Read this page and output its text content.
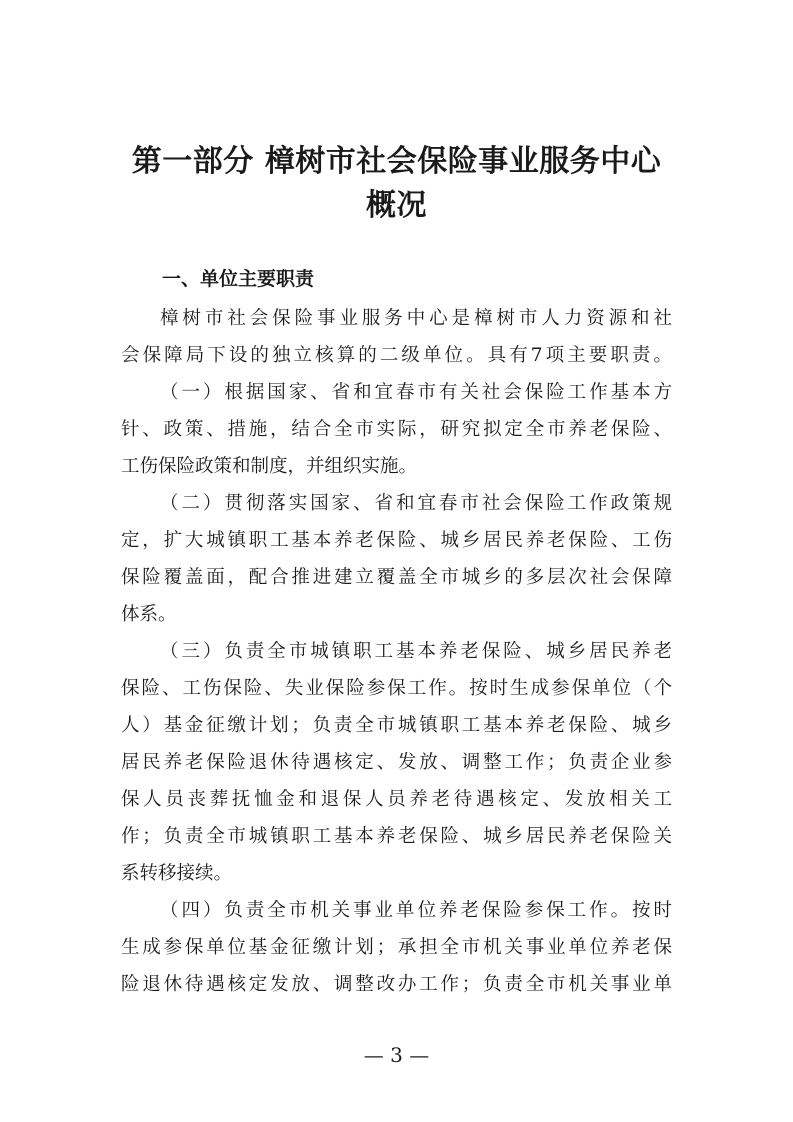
第一部分 樟树市社会保险事业服务中心
概况
一、单位主要职责
樟树市社会保险事业服务中心是樟树市人力资源和社
会保障局下设的独立核算的二级单位。具有7项主要职责。
（一）根据国家、省和宜春市有关社会保险工作基本方
针、政策、措施，结合全市实际，研究拟定全市养老保险、
工伤保险政策和制度，并组织实施。
（二）贯彻落实国家、省和宜春市社会保险工作政策规
定，扩大城镇职工基本养老保险、城乡居民养老保险、工伤
保险覆盖面，配合推进建立覆盖全市城乡的多层次社会保障
体系。
（三）负责全市城镇职工基本养老保险、城乡居民养老
保险、工伤保险、失业保险参保工作。按时生成参保单位（个
人）基金征缴计划；负责全市城镇职工基本养老保险、城乡
居民养老保险退休待遇核定、发放、调整工作；负责企业参
保人员丧葬抚恤金和退保人员养老待遇核定、发放相关工
作；负责全市城镇职工基本养老保险、城乡居民养老保险关
系转移接续。
（四）负责全市机关事业单位养老保险参保工作。按时
生成参保单位基金征缴计划；承担全市机关事业单位养老保
险退休待遇核定发放、调整改办工作；负责全市机关事业单
— 3 —
